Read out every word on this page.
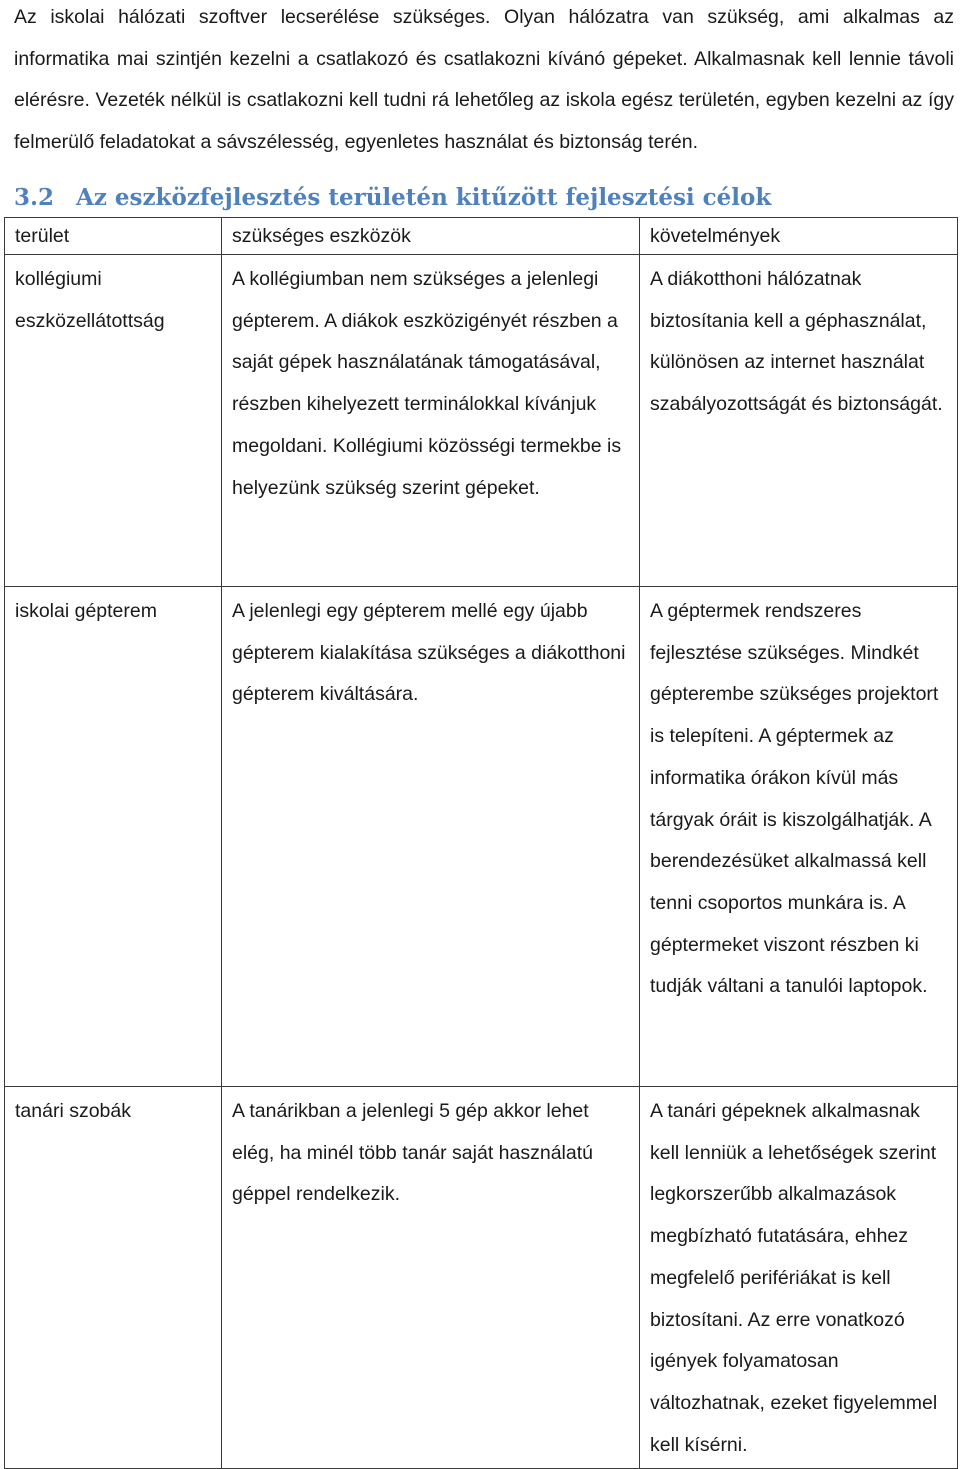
Az iskolai hálózati szoftver lecserélése szükséges. Olyan hálózatra van szükség, ami alkalmas az informatika mai szintjén kezelni a csatlakozó és csatlakozni kívánó gépeket. Alkalmasnak kell lennie távoli elérésre. Vezeték nélkül is csatlakozni kell tudni rá lehetőleg az iskola egész területén, egyben kezelni az így felmerülő feladatokat a sávszélesség, egyenletes használat és biztonság terén.

3.2 Az eszközfejlesztés területén kitűzött fejlesztési célok
terület	szükséges eszközök	követelmények

kollégiumi eszközellátottság	A kollégiumban nem szükséges a jelenlegi gépterem. A diákok eszközigényét részben a saját gépek használatának támogatásával, részben kihelyezett terminálokkal kívánjuk megoldani. Kollégiumi közösségi termekbe is helyezünk szükség szerint gépeket.	A diákotthoni hálózatnak biztosítania kell a géphasználat, különösen az internet használat szabályozottságát és biztonságát.

iskolai gépterem	A jelenlegi egy gépterem mellé egy újabb gépterem kialakítása szükséges a diákotthoni gépterem kiváltására.	A géptermek rendszeres fejlesztése szükséges. Mindkét gépterembe szükséges projektort is telepíteni. A géptermek az informatika órákon kívül más tárgyak óráit is kiszolgálhatják. A berendezésüket alkalmassá kell tenni csoportos munkára is. A géptermeket viszont részben ki tudják váltani a tanulói laptopok.

tanári szobák	A tanárikban a jelenlegi 5 gép akkor lehet elég, ha minél több tanár saját használatú géppel rendelkezik.	A tanári gépeknek alkalmasnak kell lenniük a lehetőségek szerint legkorszerűbb alkalmazások megbízható futatására, ehhez megfelelő perifériákat is kell biztosítani. Az erre vonatkozó igények folyamatosan változhatnak, ezeket figyelemmel kell kísérni.
